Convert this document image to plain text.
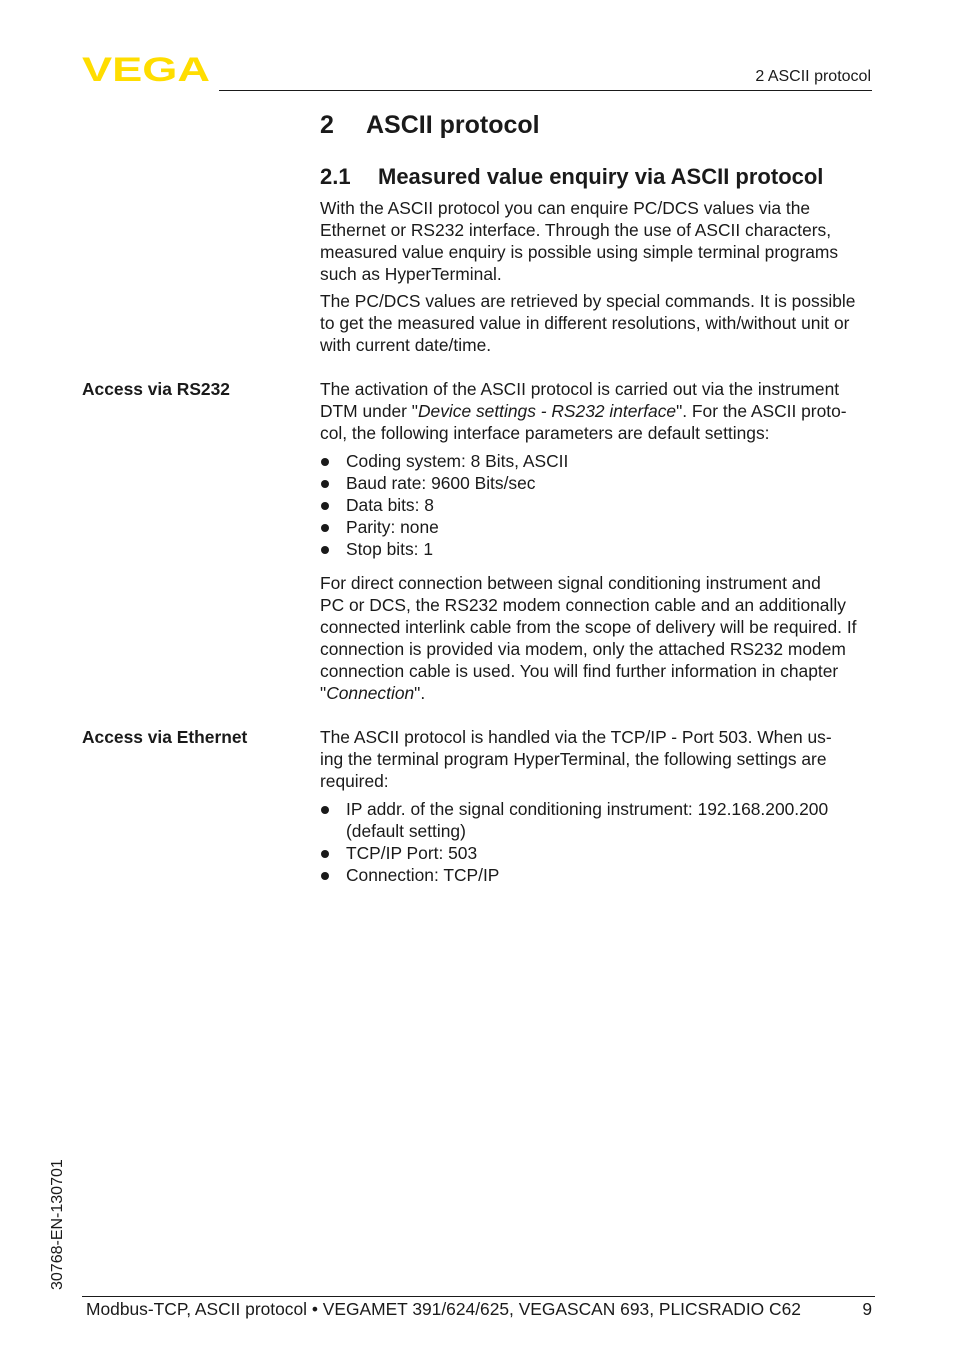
VEGA	2 ASCII protocol
2 ASCII protocol
2.1 Measured value enquiry via ASCII protocol
With the ASCII protocol you can enquire PC/DCS values via the
Ethernet or RS232 interface. Through the use of ASCII characters,
measured value enquiry is possible using simple terminal programs
such as HyperTerminal.
The PC/DCS values are retrieved by special commands. It is possible
to get the measured value in different resolutions, with/without unit or
with current date/time.
Access via RS232	The activation of the ASCII protocol is carried out via the instrument
DTM under "Device settings - RS232 interface". For the ASCII proto-
col, the following interface parameters are default settings:
Coding system: 8 Bits, ASCII
Baud rate: 9600 Bits/sec
Data bits: 8
Parity: none
Stop bits: 1
For direct connection between signal conditioning instrument and
PC or DCS, the RS232 modem connection cable and an additionally
connected interlink cable from the scope of delivery will be required. If
connection is provided via modem, only the attached RS232 modem
connection cable is used. You will find further information in chapter
"Connection".
Access via Ethernet	The ASCII protocol is handled via the TCP/IP - Port 503. When us-
ing the terminal program HyperTerminal, the following settings are
required:
IP addr. of the signal conditioning instrument: 192.168.200.200
(default setting)
TCP/IP Port: 503
Connection: TCP/IP
30768-EN-130701
Modbus-TCP, ASCII protocol • VEGAMET 391/624/625, VEGASCAN 693, PLICSRADIO C62	9
